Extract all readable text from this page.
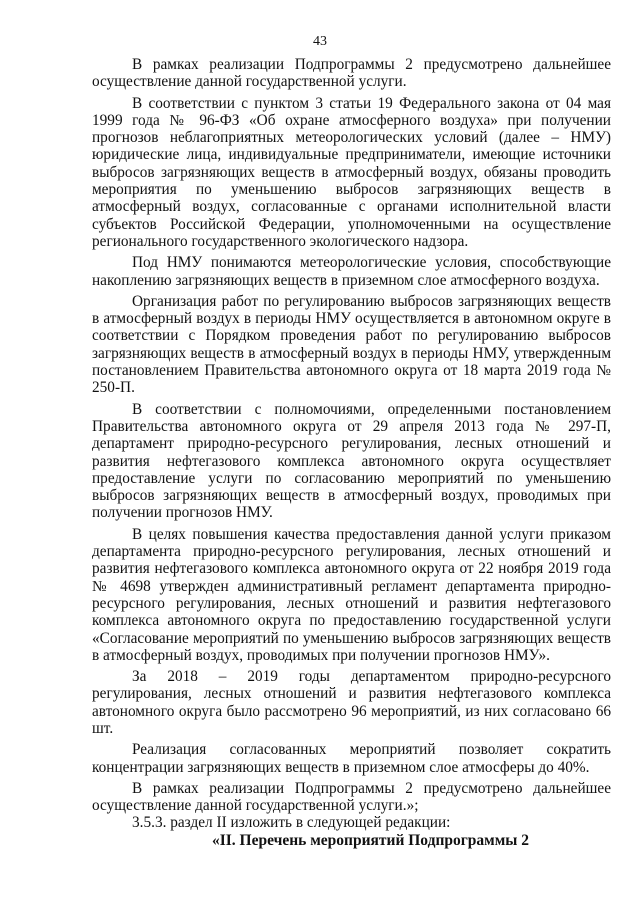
43

В рамках реализации Подпрограммы 2 предусмотрено дальнейшее осуществление данной государственной услуги.

В соответствии с пунктом 3 статьи 19 Федерального закона от 04 мая 1999 года № 96-ФЗ «Об охране атмосферного воздуха» при получении прогнозов неблагоприятных метеорологических условий (далее – НМУ) юридические лица, индивидуальные предприниматели, имеющие источники выбросов загрязняющих веществ в атмосферный воздух, обязаны проводить мероприятия по уменьшению выбросов загрязняющих веществ в атмосферный воздух, согласованные с органами исполнительной власти субъектов Российской Федерации, уполномоченными на осуществление регионального государственного экологического надзора.

Под НМУ понимаются метеорологические условия, способствующие накоплению загрязняющих веществ в приземном слое атмосферного воздуха.

Организация работ по регулированию выбросов загрязняющих веществ в атмосферный воздух в периоды НМУ осуществляется в автономном округе в соответствии с Порядком проведения работ по регулированию выбросов загрязняющих веществ в атмосферный воздух в периоды НМУ, утвержденным постановлением Правительства автономного округа от 18 марта 2019 года № 250-П.

В соответствии с полномочиями, определенными постановлением Правительства автономного округа от 29 апреля 2013 года № 297-П, департамент природно-ресурсного регулирования, лесных отношений и развития нефтегазового комплекса автономного округа осуществляет предоставление услуги по согласованию мероприятий по уменьшению выбросов загрязняющих веществ в атмосферный воздух, проводимых при получении прогнозов НМУ.

В целях повышения качества предоставления данной услуги приказом департамента природно-ресурсного регулирования, лесных отношений и развития нефтегазового комплекса автономного округа от 22 ноября 2019 года № 4698 утвержден административный регламент департамента природно-ресурсного регулирования, лесных отношений и развития нефтегазового комплекса автономного округа по предоставлению государственной услуги «Согласование мероприятий по уменьшению выбросов загрязняющих веществ в атмосферный воздух, проводимых при получении прогнозов НМУ».

За 2018 – 2019 годы департаментом природно-ресурсного регулирования, лесных отношений и развития нефтегазового комплекса автономного округа было рассмотрено 96 мероприятий, из них согласовано 66 шт.

Реализация согласованных мероприятий позволяет сократить концентрации загрязняющих веществ в приземном слое атмосферы до 40%.

В рамках реализации Подпрограммы 2 предусмотрено дальнейшее осуществление данной государственной услуги.»;

3.5.3. раздел II изложить в следующей редакции:

«II. Перечень мероприятий Подпрограммы 2
